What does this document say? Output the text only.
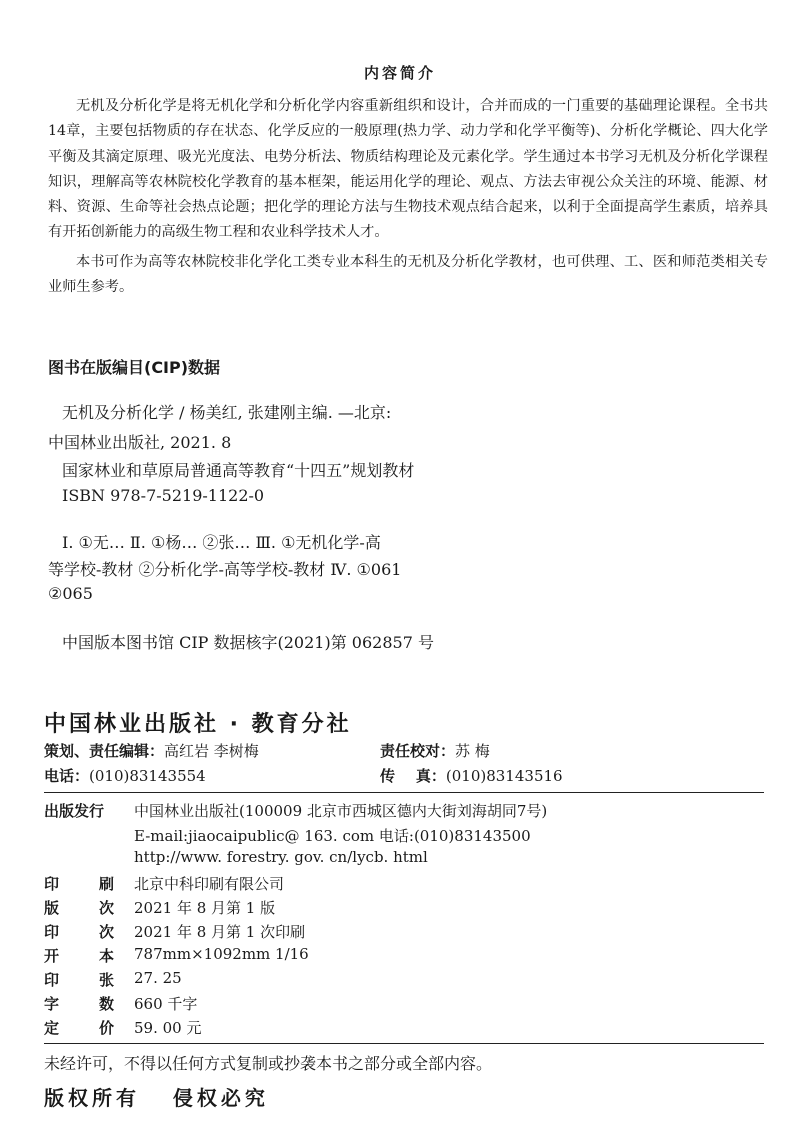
内容简介
无机及分析化学是将无机化学和分析化学内容重新组织和设计，合并而成的一门重要的基础理论课程。全书共14章，主要包括物质的存在状态、化学反应的一般原理(热力学、动力学和化学平衡等)、分析化学概论、四大化学平衡及其滴定原理、吸光光度法、电势分析法、物质结构理论及元素化学。学生通过本书学习无机及分析化学课程知识，理解高等农林院校化学教育的基本框架，能运用化学的理论、观点、方法去审视公众关注的环境、能源、材料、资源、生命等社会热点论题；把化学的理论方法与生物技术观点结合起来，以利于全面提高学生素质，培养具有开拓创新能力的高级生物工程和农业科学技术人才。
本书可作为高等农林院校非化学化工类专业本科生的无机及分析化学教材，也可供理、工、医和师范类相关专业师生参考。
图书在版编目(CIP)数据
无机及分析化学 / 杨美红, 张建刚主编. —北京:
中国林业出版社, 2021. 8
国家林业和草原局普通高等教育“十四五”规划教材
ISBN 978-7-5219-1122-0
Ⅰ. ①无… Ⅱ. ①杨… ②张… Ⅲ. ①无机化学-高
等学校-教材 ②分析化学-高等学校-教材 Ⅳ. ①061
②065
中国版本图书馆 CIP 数据核字(2021)第 062857 号
中国林业出版社 · 教育分社
策划、责任编辑：高红岩 李树梅	责任校对：苏 梅
电话：(010)83143554	传    真：(010)83143516
出版发行 中国林业出版社(100009 北京市西城区德内大街刘海胡同7号)
E-mail:jiaocaipublic@ 163. com 电话:(010)83143500
http://www. forestry. gov. cn/lycb. html
印	刷 北京中科印刷有限公司
版	次 2021 年 8 月第 1 版
印	次 2021 年 8 月第 1 次印刷
开	本 787mm×1092mm 1/16
印	张 27. 25
字	数 660 千字
定	价 59. 00 元
未经许可，不得以任何方式复制或抄袭本书之部分或全部内容。
版权所有   侵权必究
